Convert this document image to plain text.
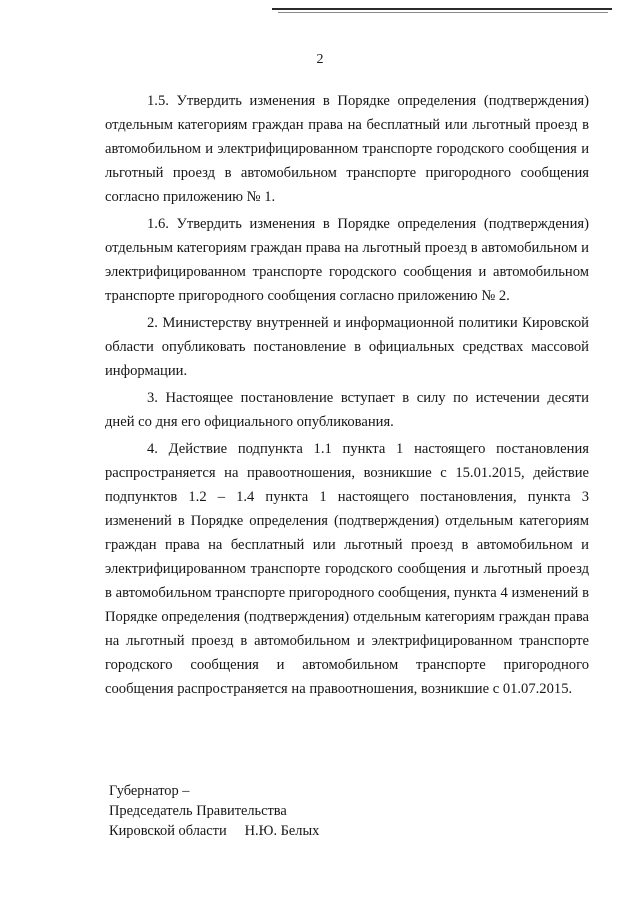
2

1.5. Утвердить изменения в Порядке определения (подтверждения) отдельным категориям граждан права на бесплатный или льготный проезд в автомобильном и электрифицированном транспорте городского сообщения и льготный проезд в автомобильном транспорте пригородного сообщения согласно приложению № 1.

1.6. Утвердить изменения в Порядке определения (подтверждения) отдельным категориям граждан права на льготный проезд в автомобильном и электрифицированном транспорте городского сообщения и автомобильном транспорте пригородного сообщения согласно приложению № 2.

2. Министерству внутренней и информационной политики Кировской области опубликовать постановление в официальных средствах массовой информации.

3. Настоящее постановление вступает в силу по истечении десяти дней со дня его официального опубликования.

4. Действие подпункта 1.1 пункта 1 настоящего постановления распространяется на правоотношения, возникшие с 15.01.2015, действие подпунктов 1.2 – 1.4 пункта 1 настоящего постановления, пункта 3 изменений в Порядке определения (подтверждения) отдельным категориям граждан права на бесплатный или льготный проезд в автомобильном и электрифицированном транспорте городского сообщения и льготный проезд в автомобильном транспорте пригородного сообщения, пункта 4 изменений в Порядке определения (подтверждения) отдельным категориям граждан права на льготный проезд в автомобильном и электрифицированном транспорте городского сообщения и автомобильном транспорте пригородного сообщения распространяется на правоотношения, возникшие с 01.07.2015.

Губернатор –
Председатель Правительства
Кировской области Н.Ю. Белых
